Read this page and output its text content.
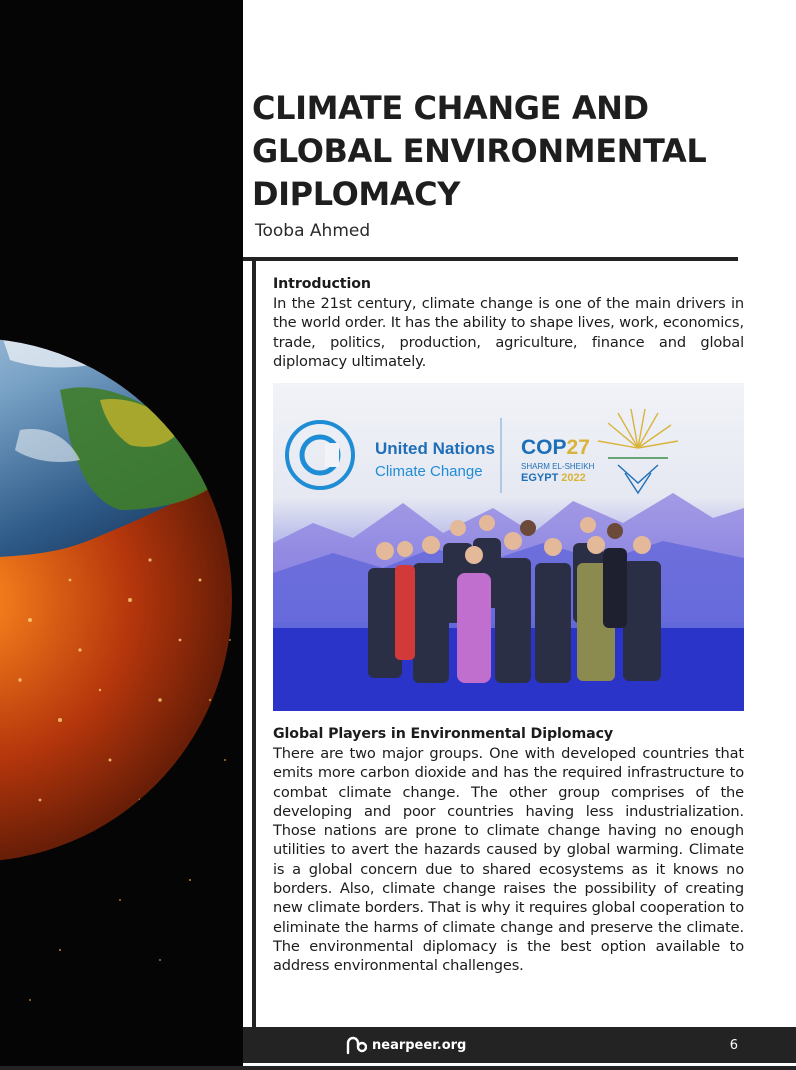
CLIMATE CHANGE AND GLOBAL ENVIRONMENTAL DIPLOMACY
Tooba Ahmed

Introduction

In the 21st century, climate change is one of the main drivers in the world order. It has the ability to shape lives, work, economics, trade, politics, production, agriculture, finance and global diplomacy ultimately.

United Nations
Climate Change
COP27
SHARM EL-SHEIKH
EGYPT 2022

Global Players in Environmental Diplomacy

There are two major groups. One with developed countries that emits more carbon dioxide and has the required infrastructure to combat climate change. The other group comprises of the developing and poor countries having less industrialization. Those nations are prone to climate change having no enough utilities to avert the hazards caused by global warming. Climate is a global concern due to shared ecosystems as it knows no borders. Also, climate change raises the possibility of creating new climate borders. That is why it requires global cooperation to eliminate the harms of climate change and preserve the climate. The environmental diplomacy is the best option available to address environmental challenges.

nearpeer.org	6
